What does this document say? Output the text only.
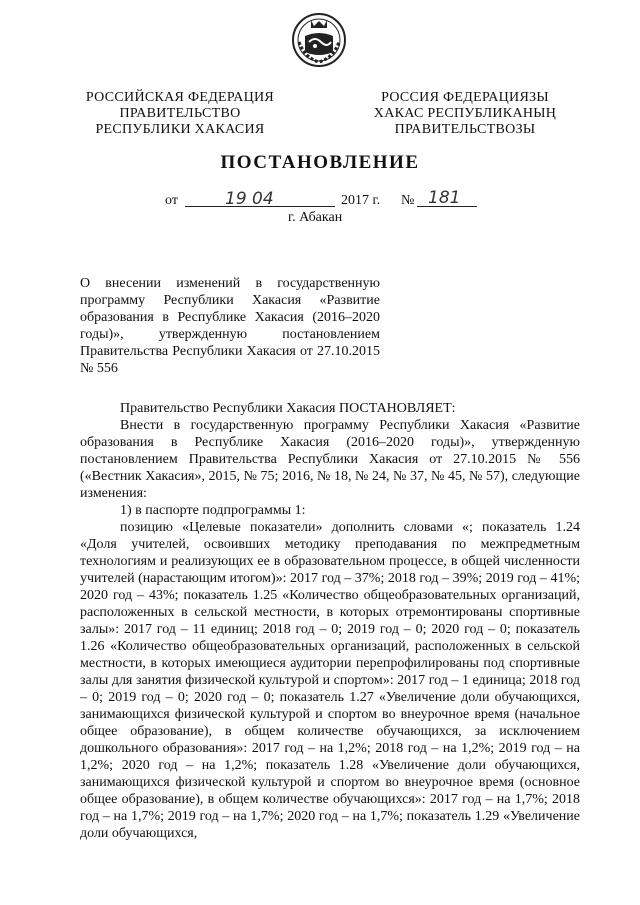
РОССИЙСКАЯ ФЕДЕРАЦИЯ
ПРАВИТЕЛЬСТВО
РЕСПУБЛИКИ ХАКАСИЯ
РОССИЯ ФЕДЕРАЦИЯЗЫ
ХАКАС РЕСПУБЛИКАНЫҢ
ПРАВИТЕЛЬСТВОЗЫ
ПОСТАНОВЛЕНИЕ
от	19 04	2017 г. № 181
г. Абакан
О внесении изменений в государственную программу Республики Хакасия «Развитие образования в Республике Хакасия (2016–2020 годы)», утвержденную постановлением Правительства Республики Хакасия от 27.10.2015 № 556

Правительство Республики Хакасия ПОСТАНОВЛЯЕТ:

Внести в государственную программу Республики Хакасия «Развитие образования в Республике Хакасия (2016–2020 годы)», утвержденную постановлением Правительства Республики Хакасия от 27.10.2015 № 556 («Вестник Хакасия», 2015, № 75; 2016, № 18, № 24, № 37, № 45, № 57), следующие изменения:

1) в паспорте подпрограммы 1:

позицию «Целевые показатели» дополнить словами «; показатель 1.24 «Доля учителей, освоивших методику преподавания по межпредметным технологиям и реализующих ее в образовательном процессе, в общей численности учителей (нарастающим итогом)»: 2017 год – 37%; 2018 год – 39%; 2019 год – 41%; 2020 год – 43%; показатель 1.25 «Количество общеобразовательных организаций, расположенных в сельской местности, в которых отремонтированы спортивные залы»: 2017 год – 11 единиц; 2018 год – 0; 2019 год – 0; 2020 год – 0; показатель 1.26 «Количество общеобразовательных организаций, расположенных в сельской местности, в которых имеющиеся аудитории перепрофилированы под спортивные залы для занятия физической культурой и спортом»: 2017 год – 1 единица; 2018 год – 0; 2019 год – 0; 2020 год – 0; показатель 1.27 «Увеличение доли обучающихся, занимающихся физической культурой и спортом во внеурочное время (начальное общее образование), в общем количестве обучающихся, за исключением дошкольного образования»: 2017 год – на 1,2%; 2018 год – на 1,2%; 2019 год – на 1,2%; 2020 год – на 1,2%; показатель 1.28 «Увеличение доли обучающихся, занимающихся физической культурой и спортом во внеурочное время (основное общее образование), в общем количестве обучающихся»: 2017 год – на 1,7%; 2018 год – на 1,7%; 2019 год – на 1,7%; 2020 год – на 1,7%; показатель 1.29 «Увеличение доли обучающихся,
